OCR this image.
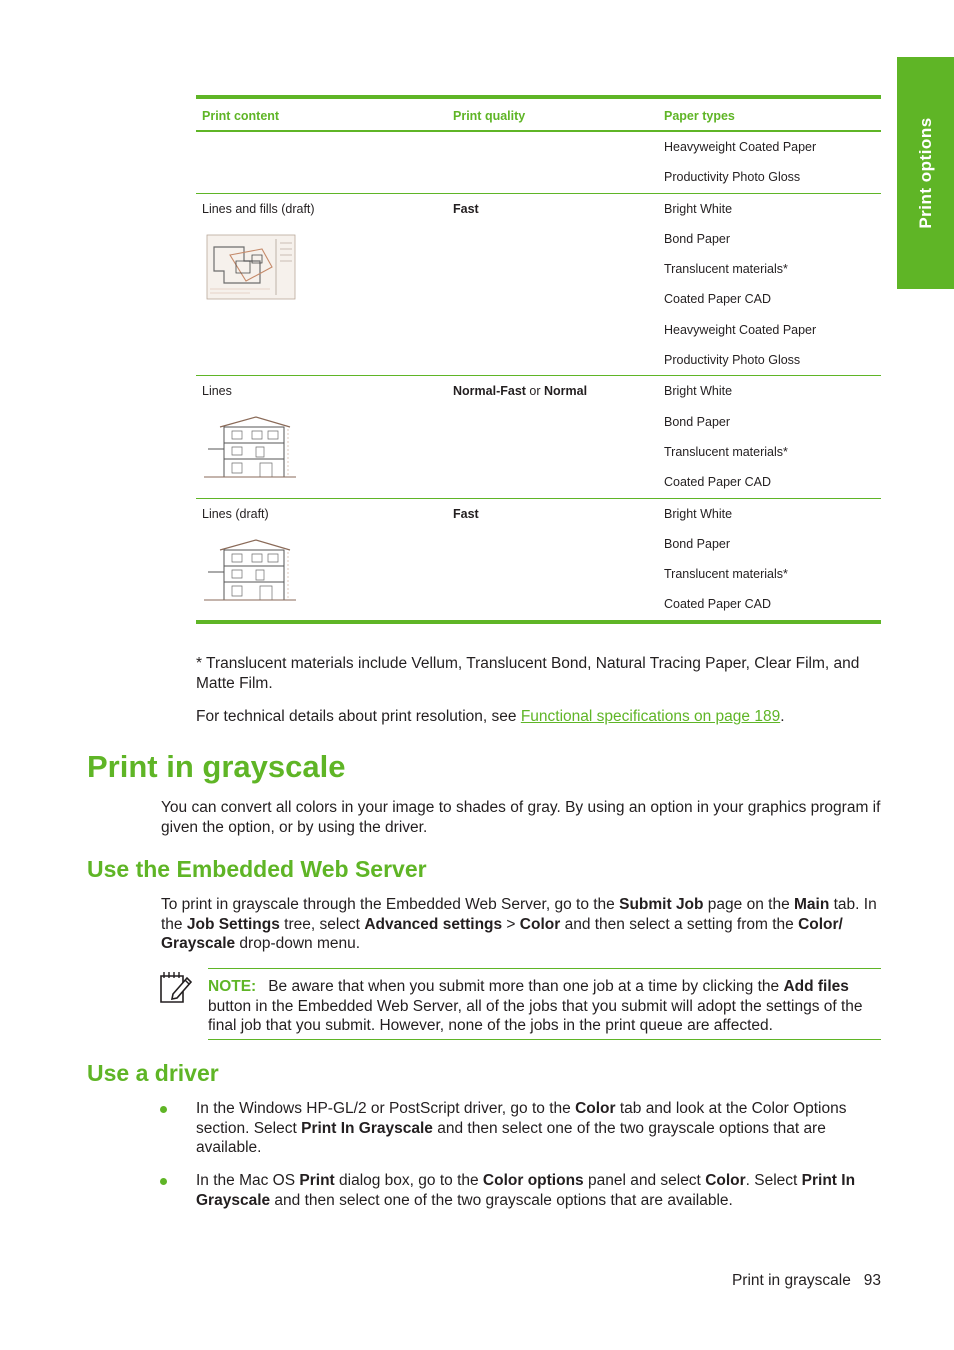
Print options
Print content	Print quality	Paper types

		Heavyweight Coated Paper

		Productivity Photo Gloss

Lines and fills (draft)	Fast	Bright White

		Bond Paper

		Translucent materials*

		Coated Paper CAD

		Heavyweight Coated Paper

		Productivity Photo Gloss

Lines	Normal-Fast or Normal	Bright White

		Bond Paper

		Translucent materials*

		Coated Paper CAD

Lines (draft)	Fast	Bright White

		Bond Paper

		Translucent materials*

		Coated Paper CAD

* Translucent materials include Vellum, Translucent Bond, Natural Tracing Paper, Clear Film, and Matte Film.

For technical details about print resolution, see Functional specifications on page 189.

Print in grayscale

You can convert all colors in your image to shades of gray. By using an option in your graphics program if given the option, or by using the driver.

Use the Embedded Web Server

To print in grayscale through the Embedded Web Server, go to the Submit Job page on the Main tab. In the Job Settings tree, select Advanced settings > Color and then select a setting from the Color/ Grayscale drop-down menu.

NOTE: Be aware that when you submit more than one job at a time by clicking the Add files button in the Embedded Web Server, all of the jobs that you submit will adopt the settings of the final job that you submit. However, none of the jobs in the print queue are affected.

Use a driver

In the Windows HP-GL/2 or PostScript driver, go to the Color tab and look at the Color Options section. Select Print In Grayscale and then select one of the two grayscale options that are available.

In the Mac OS Print dialog box, go to the Color options panel and select Color. Select Print In Grayscale and then select one of the two grayscale options that are available.

Print in grayscale 93
